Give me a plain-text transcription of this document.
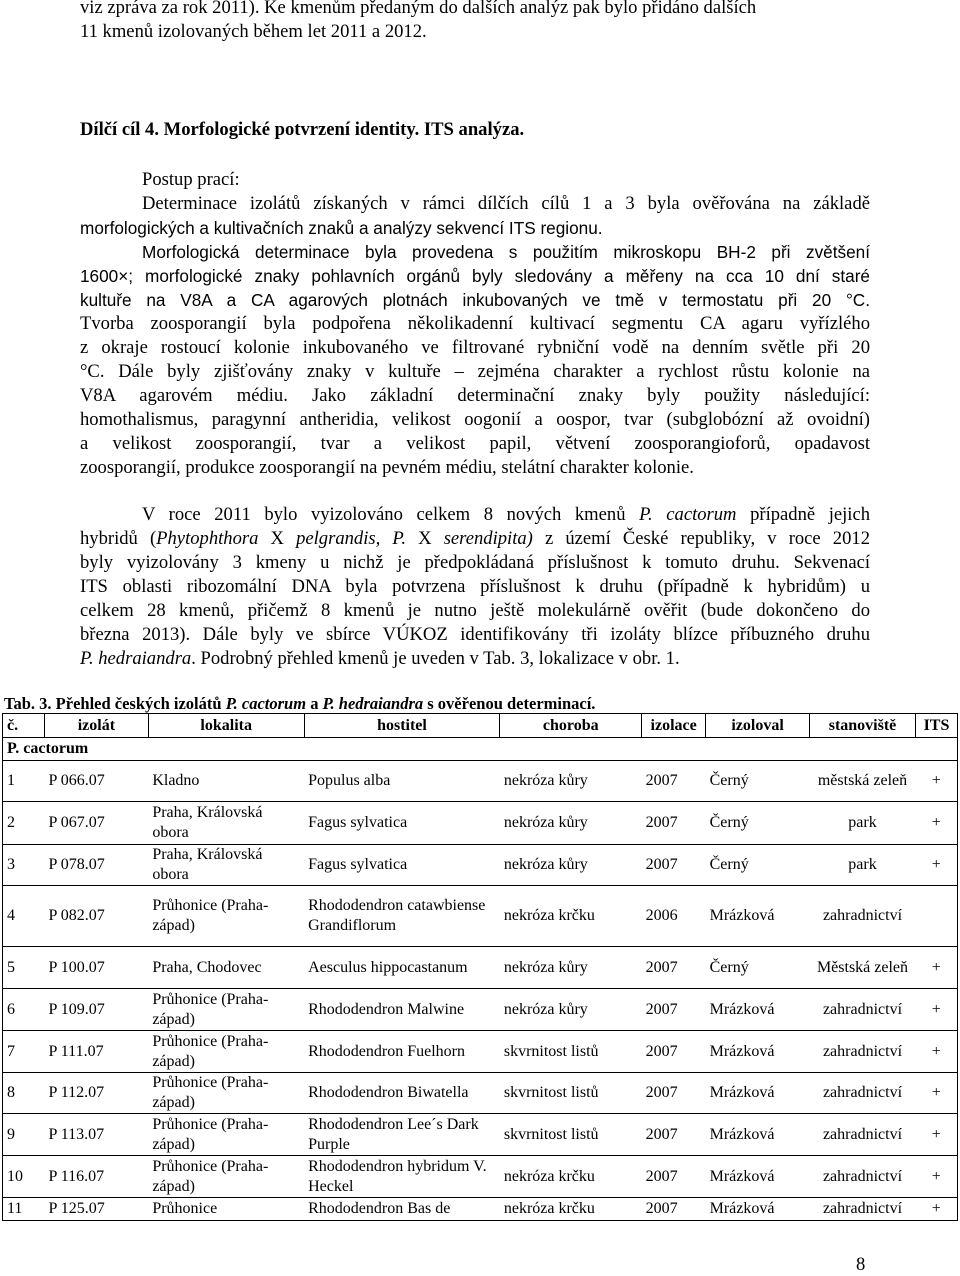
viz zpráva za rok 2011). Ke kmenům předaným do dalších analýz pak bylo přidáno dalších
11 kmenů izolovaných během let 2011 a 2012.
Dílčí cíl 4. Morfologické potvrzení identity. ITS analýza.
Postup prací:
Determinace izolátů získaných v rámci dílčích cílů 1 a 3 byla ověřována na základě
morfologických a kultivačních znaků a analýzy sekvencí ITS regionu.
Morfologická determinace byla provedena s použitím mikroskopu BH-2 při zvětšení
1600×; morfologické znaky pohlavních orgánů byly sledovány a měřeny na cca 10 dní staré
kultuře na V8A a CA agarových plotnách inkubovaných ve tmě v termostatu při 20 °C.
Tvorba zoosporangií byla podpořena několikadenní kultivací segmentu CA agaru vyřízlého
z okraje rostoucí kolonie inkubovaného ve filtrované rybniční vodě na denním světle při 20
°C. Dále byly zjišťovány znaky v kultuře – zejména charakter a rychlost růstu kolonie na
V8A agarovém médiu. Jako základní determinační znaky byly použity následující:
homothalismus, paragynní antheridia, velikost oogonií a oospor, tvar (subglobózní až ovoidní)
a velikost zoosporangií, tvar a velikost papil, větvení zoosporangioforů, opadavost
zoosporangií, produkce zoosporangií na pevném médiu, stelátní charakter kolonie.
V roce 2011 bylo vyizolováno celkem 8 nových kmenů P. cactorum případně jejich
hybridů (Phytophthora X pelgrandis, P. X serendipita) z území České republiky, v roce 2012
byly vyizolovány 3 kmeny u nichž je předpokládaná příslušnost k tomuto druhu. Sekvenací
ITS oblasti ribozomální DNA byla potvrzena příslušnost k druhu (případně k hybridům) u
celkem 28 kmenů, přičemž 8 kmenů je nutno ještě molekulárně ověřit (bude dokončeno do
března 2013). Dále byly ve sbírce VÚKOZ identifikovány tři izoláty blízce příbuzného druhu
P. hedraiandra. Podrobný přehled kmenů je uveden v Tab. 3, lokalizace v obr. 1.
Tab. 3. Přehled českých izolátů P. cactorum a P. hedraiandra s ověřenou determinací.
č.	izolát	lokalita	hostitel	choroba	izolace	izoloval	stanoviště	ITS
P. cactorum								
1	P 066.07	Kladno	Populus alba	nekróza kůry	2007	Černý	městská zeleň	+
2	P 067.07	Praha, Královská obora	Fagus sylvatica	nekróza kůry	2007	Černý	park	+
3	P 078.07	Praha, Královská obora	Fagus sylvatica	nekróza kůry	2007	Černý	park	+
4	P 082.07	Průhonice (Praha-západ)	Rhododendron catawbiense Grandiflorum	nekróza krčku	2006	Mrázková	zahradnictví	
5	P 100.07	Praha, Chodovec	Aesculus hippocastanum	nekróza kůry	2007	Černý	Městská zeleň	+
6	P 109.07	Průhonice (Praha-západ)	Rhododendron Malwine	nekróza kůry	2007	Mrázková	zahradnictví	+
7	P 111.07	Průhonice (Praha-západ)	Rhododendron Fuelhorn	skvrnitost listů	2007	Mrázková	zahradnictví	+
8	P 112.07	Průhonice (Praha-západ)	Rhododendron Biwatella	skvrnitost listů	2007	Mrázková	zahradnictví	+
9	P 113.07	Průhonice (Praha-západ)	Rhododendron Lee´s Dark Purple	skvrnitost listů	2007	Mrázková	zahradnictví	+
10	P 116.07	Průhonice (Praha-západ)	Rhododendron hybridum V. Heckel	nekróza krčku	2007	Mrázková	zahradnictví	+
11	P 125.07	Průhonice	Rhododendron Bas de	nekróza krčku	2007	Mrázková	zahradnictví	+
8
